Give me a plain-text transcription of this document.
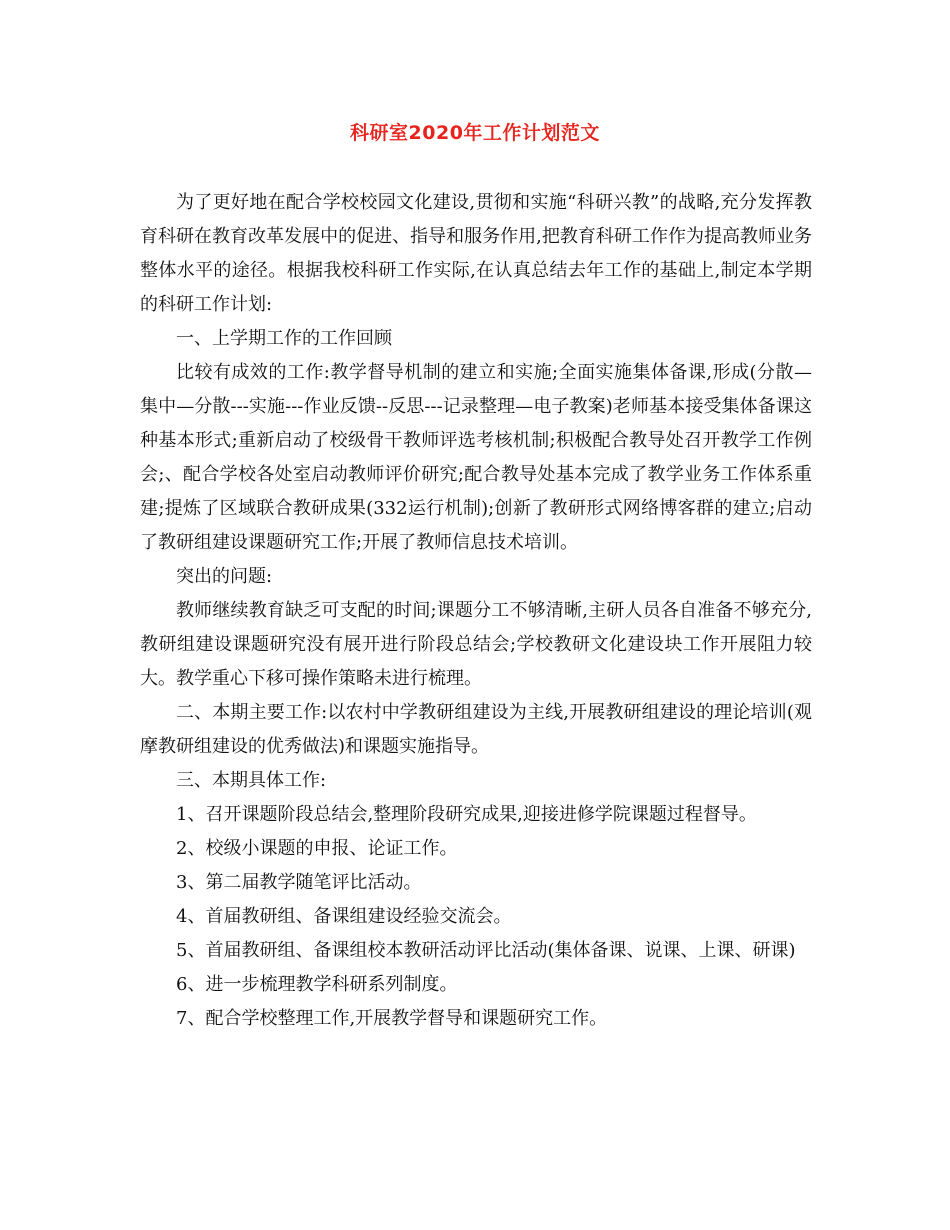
科研室2020年工作计划范文

为了更好地在配合学校校园文化建设,贯彻和实施“科研兴教”的战略,充分发挥教育科研在教育改革发展中的促进、指导和服务作用,把教育科研工作作为提高教师业务整体水平的途径。根据我校科研工作实际,在认真总结去年工作的基础上,制定本学期的科研工作计划:

一、上学期工作的工作回顾

比较有成效的工作:教学督导机制的建立和实施;全面实施集体备课,形成(分散—集中—分散---实施---作业反馈--反思---记录整理—电子教案)老师基本接受集体备课这种基本形式;重新启动了校级骨干教师评选考核机制;积极配合教导处召开教学工作例会;、配合学校各处室启动教师评价研究;配合教导处基本完成了教学业务工作体系重建;提炼了区域联合教研成果(332运行机制);创新了教研形式网络博客群的建立;启动了教研组建设课题研究工作;开展了教师信息技术培训。

突出的问题:

教师继续教育缺乏可支配的时间;课题分工不够清晰,主研人员各自准备不够充分,教研组建设课题研究没有展开进行阶段总结会;学校教研文化建设块工作开展阻力较大。教学重心下移可操作策略未进行梳理。

二、本期主要工作:以农村中学教研组建设为主线,开展教研组建设的理论培训(观摩教研组建设的优秀做法)和课题实施指导。

三、本期具体工作:

1、召开课题阶段总结会,整理阶段研究成果,迎接进修学院课题过程督导。

2、校级小课题的申报、论证工作。

3、第二届教学随笔评比活动。

4、首届教研组、备课组建设经验交流会。

5、首届教研组、备课组校本教研活动评比活动(集体备课、说课、上课、研课)

6、进一步梳理教学科研系列制度。

7、配合学校整理工作,开展教学督导和课题研究工作。
